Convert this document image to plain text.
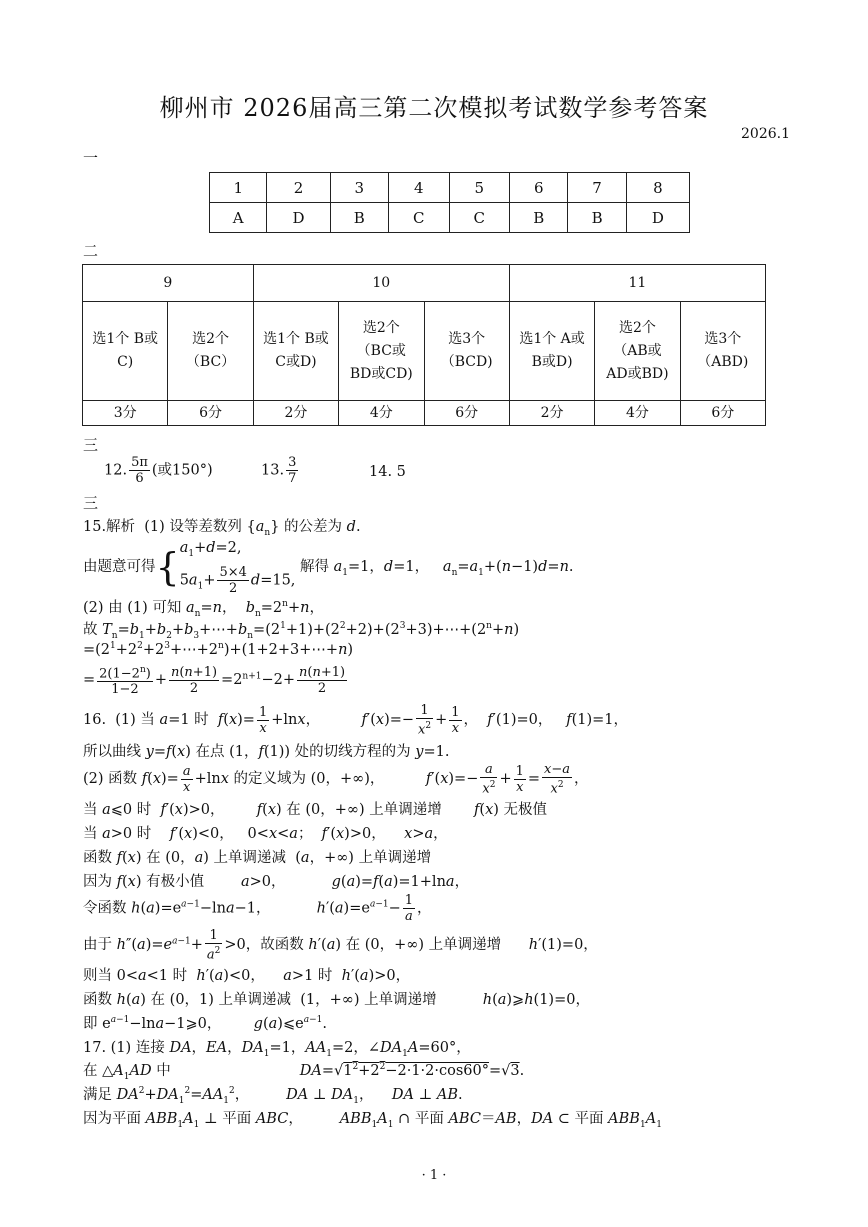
柳州市 2026届高三第二次模拟考试数学参考答案
2026.1
一
1	2	3	4	5	6	7	8
A	D	B	C	C	B	B	D
二
9		10			11		
选1个 B或C)	选2个（BC）	选1个 B或C或D)	选2个（BC或BD或CD)	选3个（BCD)	选1个 A或B或D)	选2个（AB或AD或BD)	选3个（ABD)
3分	6分	2分	4分	6分	2分	4分	6分
三
12. $\frac{5\pi}{6}$ (或150°)	13. $\frac{3}{7}$	14. 5
三
15.解析  (1) 设等差数列 $\{a_n\}$ 的公差为 d.
由题意可得{ $a_1+d=2$,
$5a_1+ \frac{5\times 4}{2} d=15$,
解得 $a_1=1$，d=1，   $a_n=a_1+(n-1)d=n$.
(2) 由 (1) 可知 $a_n=n$，  $b_n=2^n+n$，
故 $T_n=b_1+b_2+b_3+\cdots+b_n=(2^1+1)+(2^2+2)+(2^3+3)+\cdots+(2^n+n)$
$=(2^1+2^2+2^3+\cdots+2^n)+(1+2+3+\cdots+n)$
= $\frac{2(1-2^n)}{1-2} + \frac{n(n+1)}{2} =2^{n+1}-2+ \frac{n(n+1)}{2}$
16.  (1) 当 a=1 时  $f(x)= \frac{1}{x} +\ln x$，         $f'(x)=- \frac{1}{x^2} + \frac{1}{x}$ ，  f′(1)=0，   f(1)=1，
所以曲线 y=f(x) 在点 (1，f(1)) 处的切线方程的为 y=1.
(2) 函数 $f(x)= \frac{a}{x} +\ln x$ 的定义域为 (0，+∞)，         $f'(x)=- \frac{a}{x^2} + \frac{1}{x} = \frac{x-a}{x^2}$ ，
当 a⩽0 时  f′(x)>0，       f(x) 在 (0，+∞) 上单调递增       f(x) 无极值
当 a>0 时    f′(x)<0，   0<x<a；  f′(x)>0，    x>a，
函数 f(x) 在 (0，a) 上单调递减  (a，+∞) 上单调递增
因为 f(x) 有极小值        a>0，          g(a)=f(a)=1+lna，
令函数 $h(a)=e^{a-1}-\ln a-1$，          $h'(a)=e^{a-1}- \frac{1}{a}$ ，
由于 $h''(a)=e^{a-1}+ \frac{1}{a^2} >0$，故函数 h′(a) 在 (0，+∞) 上单调递增      h′(1)=0，
则当 0<a<1 时  h′(a)<0，    a>1 时  h′(a)>0，
函数 h(a) 在 (0，1) 上单调递减  (1，+∞) 上单调递增          h(a)⩾h(1)=0，
即 $e^{a-1}-\ln a-1⩾0$，       $g(a)⩽e^{a-1}$.
17. (1) 连接 DA，EA，$DA_1=1$，$AA_1=2$，$\angle DA_1A=60^\circ$，
在 $\triangle A_1AD$ 中                            $DA=√1^2+2^2-2\cdot 1\cdot 2\cdot\cos 60^\circ=√3$.
满足 $DA^2+DA_1^2=AA_1^2$，        DA ⊥ $DA_1$，    DA ⊥ AB.
因为平面 $ABB_1A_1$ ⊥ 平面 ABC，        $ABB_1A_1$ ∩ 平面 ABC＝AB，DA ⊂ 平面 $ABB_1A_1$
· 1 ·
